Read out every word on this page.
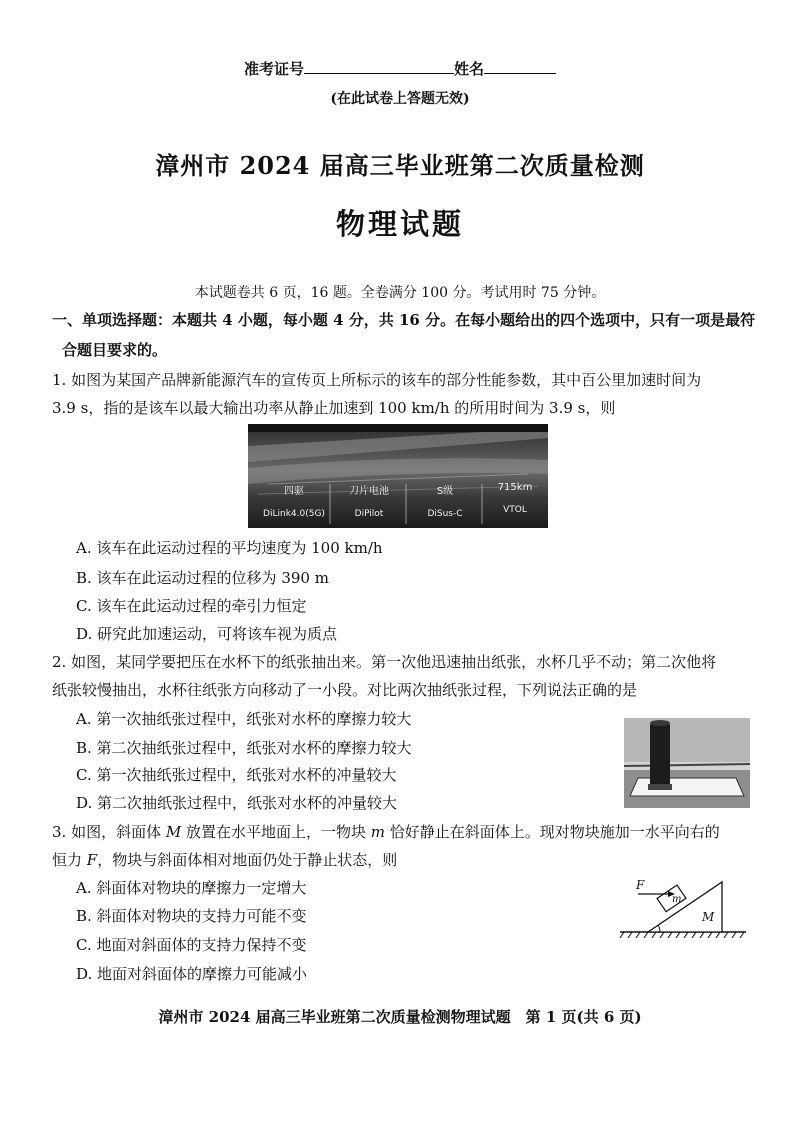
准考证号	姓名
(在此试卷上答题无效)
漳州市 2024 届高三毕业班第二次质量检测
物理试题
本试题卷共 6 页，16 题。全卷满分 100 分。考试用时 75 分钟。
一、单项选择题：本题共 4 小题，每小题 4 分，共 16 分。在每小题给出的四个选项中，只有一项是最符
合题目要求的。
1. 如图为某国产品牌新能源汽车的宣传页上所标示的该车的部分性能参数，其中百公里加速时间为
3.9 s，指的是该车以最大输出功率从静止加速到 100 km/h 的所用时间为 3.9 s，则
四驱
DiLink4.0(5G)
刀片电池
DiPilot
S级
DiSus-C
715km
VTOL
A. 该车在此运动过程的平均速度为 100 km/h
B. 该车在此运动过程的位移为 390 m
C. 该车在此运动过程的牵引力恒定
D. 研究此加速运动，可将该车视为质点
2. 如图，某同学要把压在水杯下的纸张抽出来。第一次他迅速抽出纸张，水杯几乎不动；第二次他将
纸张较慢抽出，水杯往纸张方向移动了一小段。对比两次抽纸张过程，下列说法正确的是
A. 第一次抽纸张过程中，纸张对水杯的摩擦力较大
B. 第二次抽纸张过程中，纸张对水杯的摩擦力较大
C. 第一次抽纸张过程中，纸张对水杯的冲量较大
D. 第二次抽纸张过程中，纸张对水杯的冲量较大
3. 如图，斜面体 M 放置在水平地面上，一物块 m 恰好静止在斜面体上。现对物块施加一水平向右的
恒力 F，物块与斜面体相对地面仍处于静止状态，则
A. 斜面体对物块的摩擦力一定增大
B. 斜面体对物块的支持力可能不变
C. 地面对斜面体的支持力保持不变
D. 地面对斜面体的摩擦力可能减小
F
m
M
漳州市 2024 届高三毕业班第二次质量检测物理试题　第 1 页(共 6 页)
